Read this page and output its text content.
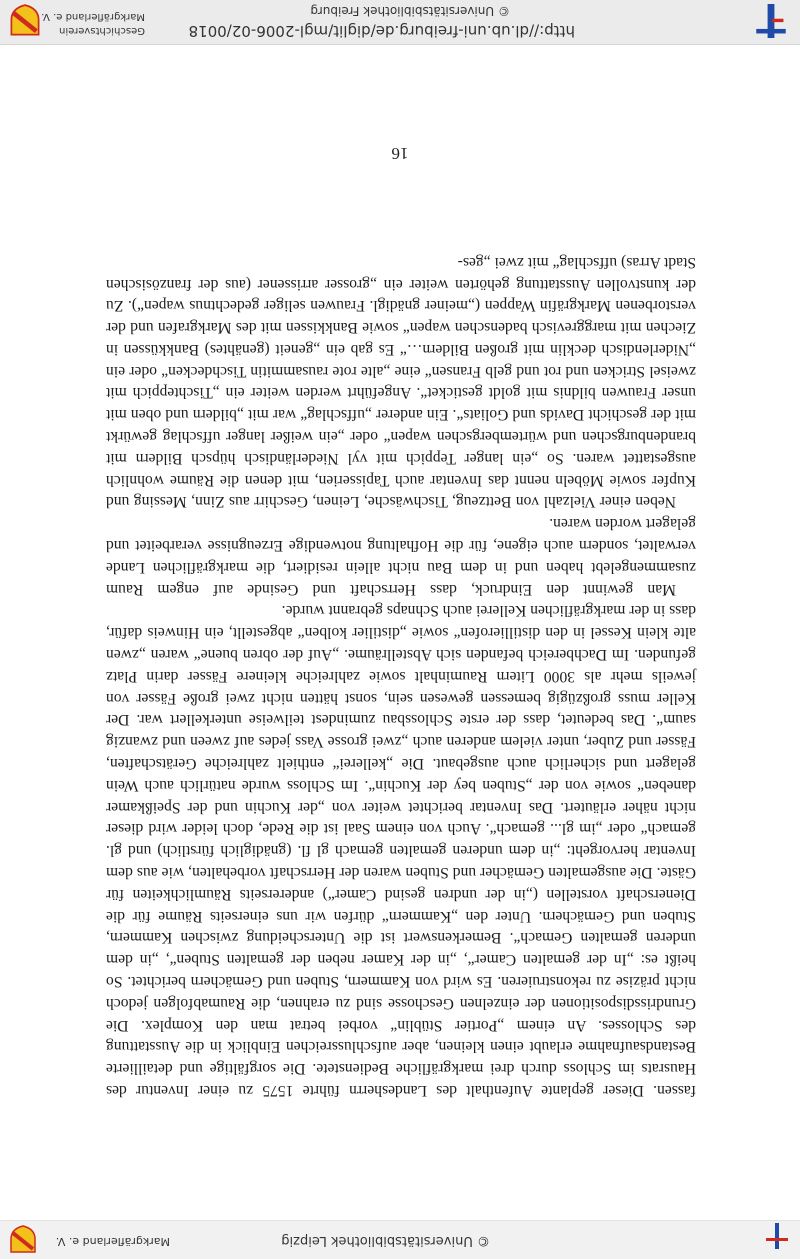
© Universitätsbibliothek Leipzig
Markgräflerland e. V.

fassen. Dieser geplante Aufenthalt des Landesherrn führte 1575 zu einer Inventur des Hausrats im Schloss durch drei markgräfliche Bedienstete. Die sorgfältige und detaillierte Bestandsaufnahme erlaubt einen kleinen, aber aufschlussreichen Einblick in die Ausstattung des Schlosses. An einem „Portier Stüblin“ vorbei betrat man den Komplex. Die Grundrissdispositionen der einzelnen Geschosse sind zu erahnen, die Raumabfolgen jedoch nicht präzise zu rekonstruieren. Es wird von Kammern, Stuben und Gemächern berichtet. So heißt es: „In der gemalten Camer“, „in der Kamer neben der gemalten Stuben“, „in dem underen gemalten Gemach“. Bemerkenswert ist die Unterscheidung zwischen Kammern, Stuben und Gemächern. Unter den „Kammern“ dürfen wir uns einerseits Räume für die Dienerschaft vorstellen („in der undren gesind Camer“) andererseits Räumlichkeiten für Gäste. Die ausgemalten Gemächer und Stuben waren der Herrschaft vorbehalten, wie aus dem Inventar hervorgeht: „in dem underen gemalten gemach gl fl. (gnädiglich fürstlich) und gl. gemach“ oder „im gl... gemach“. Auch von einem Saal ist die Rede, doch leider wird dieser nicht näher erläutert. Das Inventar berichtet weiter von „der Kuchin und der Speißkamer daneben“ sowie von der „Stuben bey der Kuchin“. Im Schloss wurde natürlich auch Wein gelagert und sicherlich auch ausgebaut. Die „kellerei“ enthielt zahlreiche Gerätschaften, Fässer und Zuber, unter vielem anderen auch „zwei grosse Vass jedes auf zween und zwanzig saum“. Das bedeutet, dass der erste Schlossbau zumindest teilweise unterkellert war. Der Keller muss großzügig bemessen gewesen sein, sonst hätten nicht zwei große Fässer von jeweils mehr als 3000 Litern Rauminhalt sowie zahlreiche kleinere Fässer darin Platz gefunden. Im Dachbereich befanden sich Abstellräume. „Auf der obren buene“ waren „zwen alte klein Kessel in den distillierofen“ sowie „distilier kolben“ abgestellt, ein Hinweis dafür, dass in der markgräflichen Kellerei auch Schnaps gebrannt wurde.

Man gewinnt den Eindruck, dass Herrschaft und Gesinde auf engem Raum zusammengelebt haben und in dem Bau nicht allein residiert, die markgräflichen Lande verwaltet, sondern auch eigene, für die Hofhaltung notwendige Erzeugnisse verarbeitet und gelagert worden waren.

Neben einer Vielzahl von Bettzeug, Tischwäsche, Leinen, Geschirr aus Zinn, Messing und Kupfer sowie Möbeln nennt das Inventar auch Tapisserien, mit denen die Räume wohnlich ausgestattet waren. So „ein langer Teppich mit vyl Niederländisch hüpsch Bildern mit brandenburgschen und würtembergschen wapen“ oder „ein weißer langer uffschlag gewürkt mit der geschicht Davids und Goliats“. Ein anderer „uffschlag“ war mit „bildern und oben mit unser Frauwen bildnis mit goldt gesticket“. Angeführt werden weiter ein „Tischteppich mit zweisel Stricken und rot und gelb Fransen“ eine „alte rote rausammitin Tischdecken“ oder ein „Niderlendisch decklin mit großen Bildern…“ Es gab ein „geneit (genähtes) Bankküssen in Ziechen mit marggrevisch badenschen wapen“ sowie Bankkissen mit des Markgrafen und der verstorbenen Markgräfin Wappen („meiner gnädigl. Frauwen seliger gedechtnus wapen“). Zu der kunstvollen Ausstattung gehörten weiter ein „grosser arrissener (aus der französischen Stadt Arras) uffschlag“ mit zwei „ges-

16
http://dl.ub.uni-freiburg.de/diglit/mgl-2006-02/0018
© Universitätsbibliothek Freiburg
Geschichtsverein
Markgräflerland e. V.
